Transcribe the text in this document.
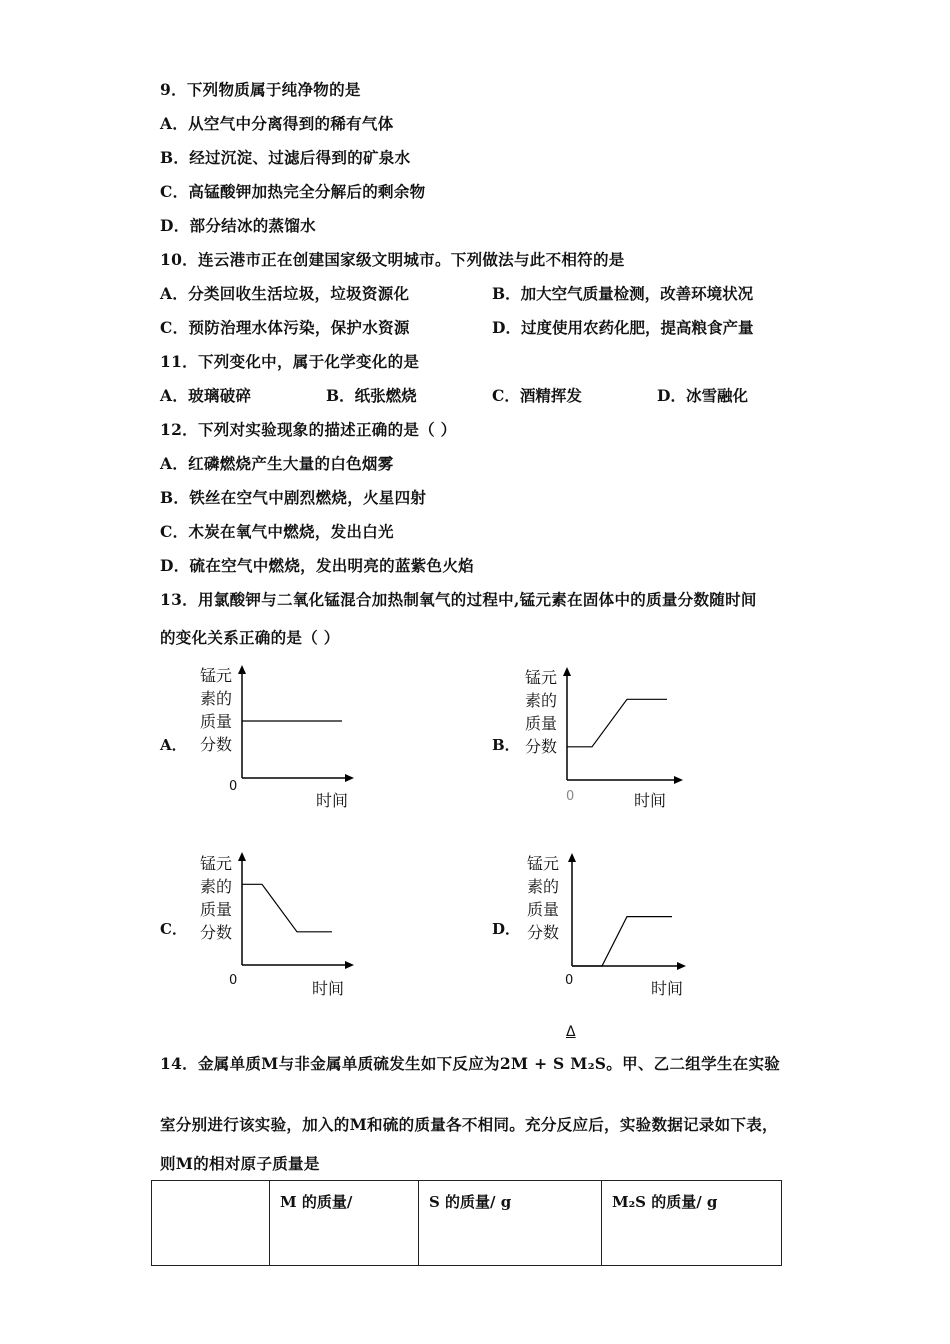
9．下列物质属于纯净物的是
A．从空气中分离得到的稀有气体
B．经过沉淀、过滤后得到的矿泉水
C．高锰酸钾加热完全分解后的剩余物
D．部分结冰的蒸馏水
10．连云港市正在创建国家级文明城市。下列做法与此不相符的是
A．分类回收生活垃圾，垃圾资源化	B．加大空气质量检测，改善环境状况
C．预防治理水体污染，保护水资源	D．过度使用农药化肥，提高粮食产量
11．下列变化中，属于化学变化的是
A．玻璃破碎	B．纸张燃烧	C．酒精挥发	D．冰雪融化
12．下列对实验现象的描述正确的是（ ）
A．红磷燃烧产生大量的白色烟雾
B．铁丝在空气中剧烈燃烧，火星四射
C．木炭在氧气中燃烧，发出白光
D．硫在空气中燃烧，发出明亮的蓝紫色火焰
13．用氯酸钾与二氧化锰混合加热制氧气的过程中,锰元素在固体中的质量分数随时间
的变化关系正确的是（ ）
A．
锰元
素的
质量
分数
0
时间
B．
锰元
素的
质量
分数
0	时间
C．
锰元
素的
质量
分数
0	时间
D．
锰元
素的
质量
分数
0	时间
Δ
14．金属单质M与非金属单质硫发生如下反应为2M + S M₂S。甲、乙二组学生在实验
室分别进行该实验，加入的M和硫的质量各不相同。充分反应后，实验数据记录如下表，
则M的相对原子质量是
	M 的质量/	S 的质量/ g	M₂S 的质量/ g
